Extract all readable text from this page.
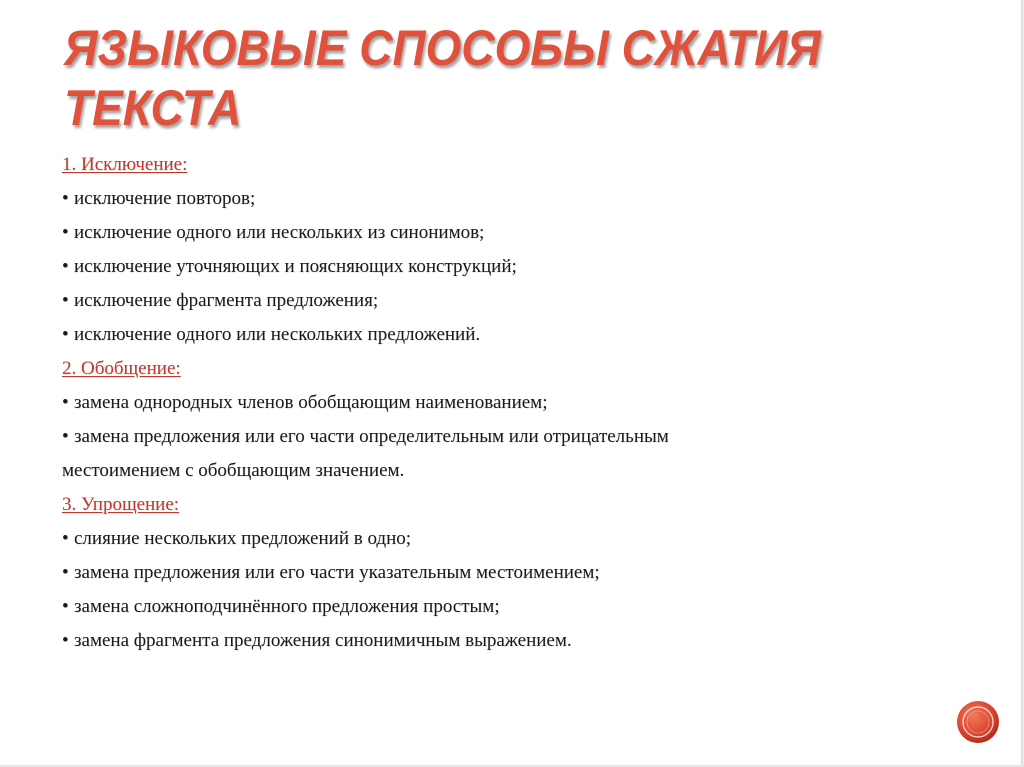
ЯЗЫКОВЫЕ СПОСОБЫ СЖАТИЯ
ТЕКСТА
1. Исключение:
• исключение повторов;
• исключение одного или нескольких из синонимов;
• исключение уточняющих и поясняющих конструкций;
• исключение фрагмента предложения;
• исключение одного или нескольких предложений.
2. Обобщение:
• замена однородных членов обобщающим наименованием;
• замена предложения или его части определительным или отрицательным
местоимением с обобщающим значением.
3. Упрощение:
• слияние нескольких предложений в одно;
• замена предложения или его части указательным местоимением;
• замена сложноподчинённого предложения простым;
• замена фрагмента предложения синонимичным выражением.
